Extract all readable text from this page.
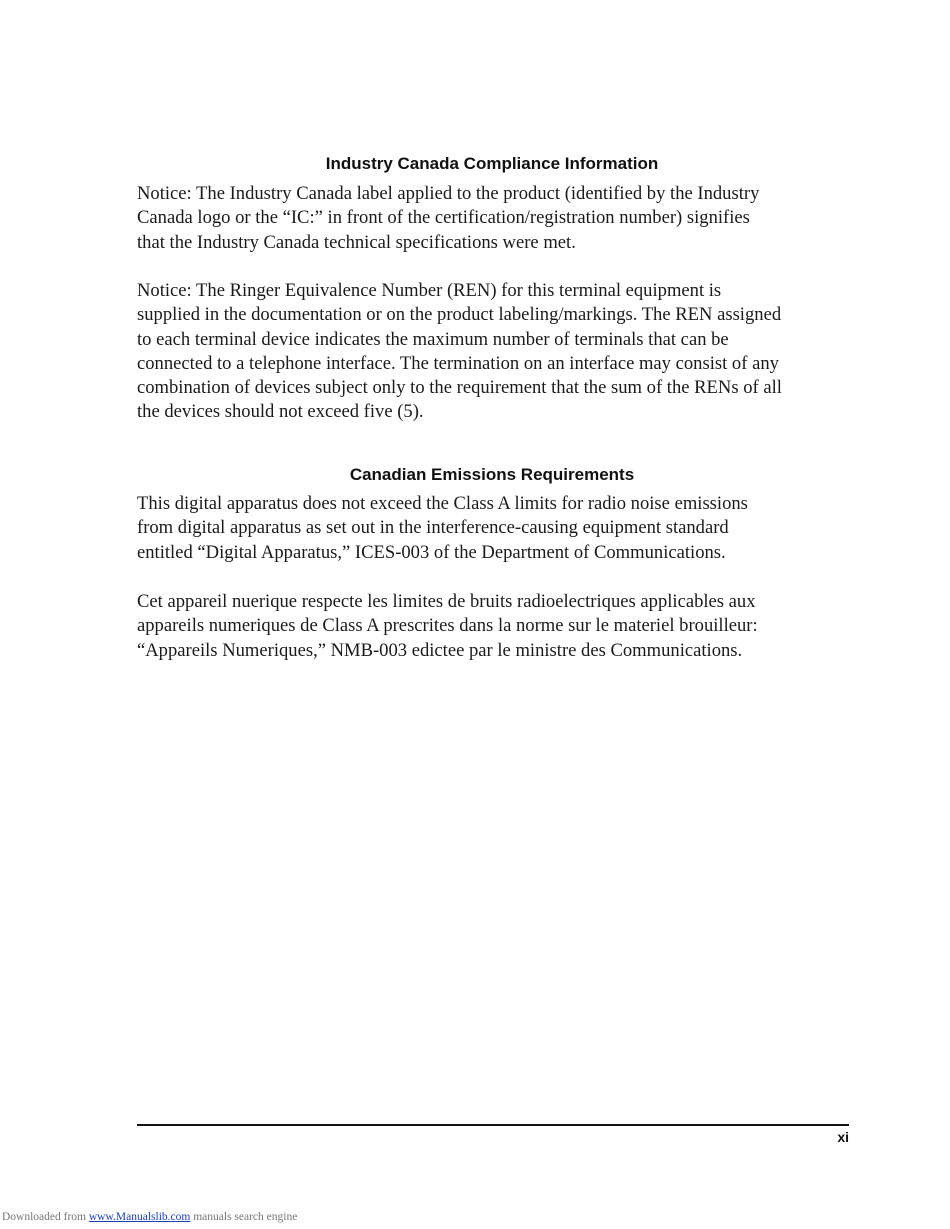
Industry Canada Compliance Information

Notice: The Industry Canada label applied to the product (identified by the Industry
Canada logo or the “IC:” in front of the certification/registration number) signifies
that the Industry Canada technical specifications were met.

Notice: The Ringer Equivalence Number (REN) for this terminal equipment is
supplied in the documentation or on the product labeling/markings. The REN assigned
to each terminal device indicates the maximum number of terminals that can be
connected to a telephone interface. The termination on an interface may consist of any
combination of devices subject only to the requirement that the sum of the RENs of all
the devices should not exceed five (5).

Canadian Emissions Requirements

This digital apparatus does not exceed the Class A limits for radio noise emissions
from digital apparatus as set out in the interference-causing equipment standard
entitled “Digital Apparatus,” ICES-003 of the Department of Communications.

Cet appareil nuerique respecte les limites de bruits radioelectriques applicables aux
appareils numeriques de Class A prescrites dans la norme sur le materiel brouilleur:
“Appareils Numeriques,” NMB-003 edictee par le ministre des Communications.

xi
Downloaded from www.Manualslib.com manuals search engine
